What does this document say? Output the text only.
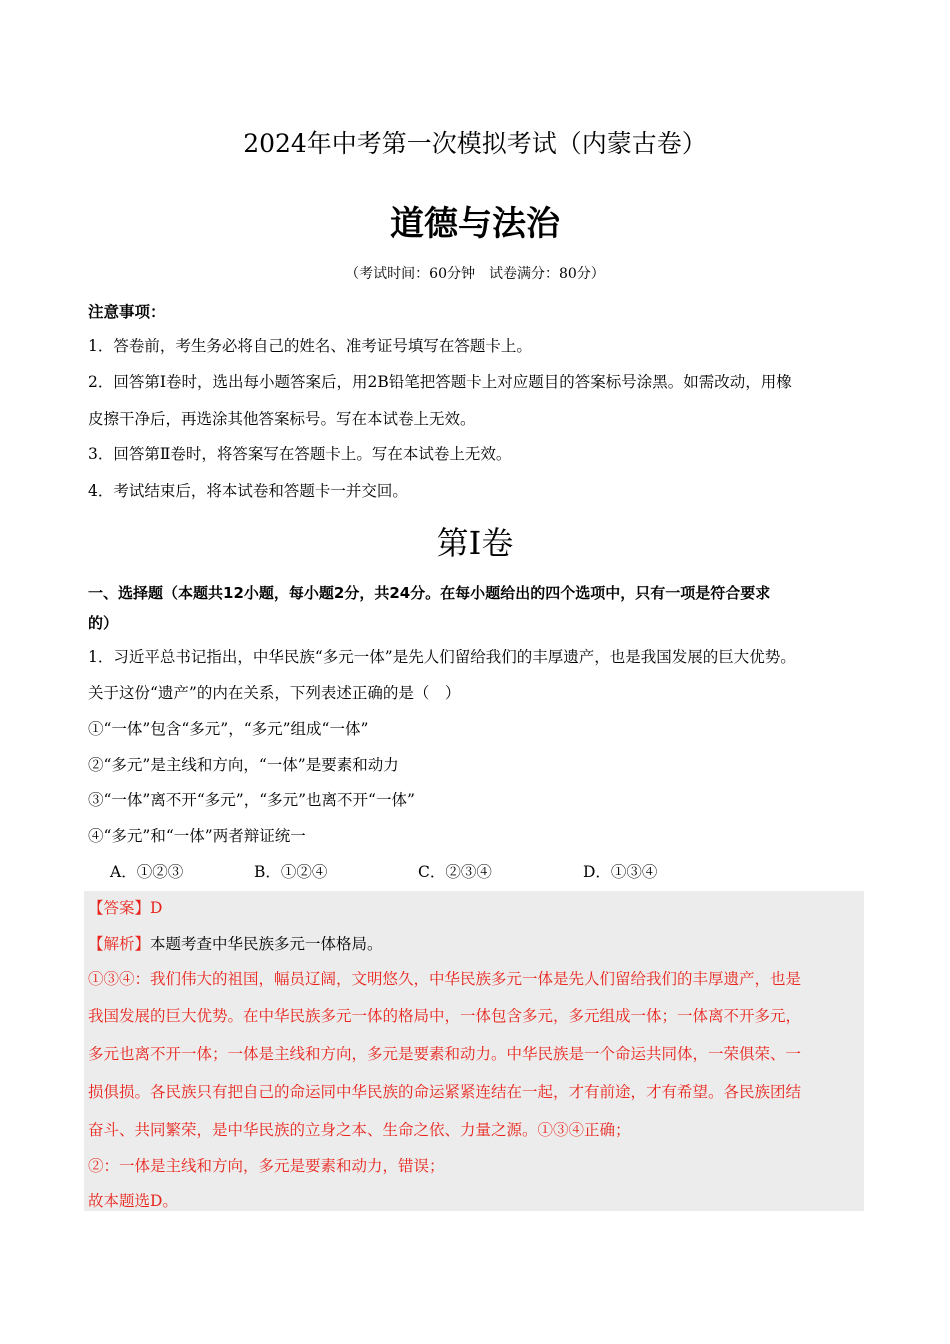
2024年中考第一次模拟考试（内蒙古卷）
道德与法治
（考试时间：60分钟　试卷满分：80分）
注意事项：
1．答卷前，考生务必将自己的姓名、准考证号填写在答题卡上。
2．回答第Ⅰ卷时，选出每小题答案后，用2B铅笔把答题卡上对应题目的答案标号涂黑。如需改动，用橡
皮擦干净后，再选涂其他答案标号。写在本试卷上无效。
3．回答第Ⅱ卷时，将答案写在答题卡上。写在本试卷上无效。
4．考试结束后，将本试卷和答题卡一并交回。
第Ⅰ卷
一、选择题（本题共12小题，每小题2分，共24分。在每小题给出的四个选项中，只有一项是符合要求
的）
1．习近平总书记指出，中华民族“多元一体”是先人们留给我们的丰厚遗产，也是我国发展的巨大优势。
关于这份“遗产”的内在关系，下列表述正确的是（　）
①“一体”包含“多元”，“多元”组成“一体”
②“多元”是主线和方向，“一体”是要素和动力
③“一体”离不开“多元”，“多元”也离不开“一体”
④“多元”和“一体”两者辩证统一
A．①②③	B．①②④	C．②③④	D．①③④
【答案】D
【解析】本题考查中华民族多元一体格局。
①③④：我们伟大的祖国，幅员辽阔，文明悠久，中华民族多元一体是先人们留给我们的丰厚遗产，也是
我国发展的巨大优势。在中华民族多元一体的格局中，一体包含多元，多元组成一体；一体离不开多元，
多元也离不开一体；一体是主线和方向，多元是要素和动力。中华民族是一个命运共同体，一荣俱荣、一
损俱损。各民族只有把自己的命运同中华民族的命运紧紧连结在一起，才有前途，才有希望。各民族团结
奋斗、共同繁荣，是中华民族的立身之本、生命之依、力量之源。①③④正确；
②：一体是主线和方向，多元是要素和动力，错误；
故本题选D。
